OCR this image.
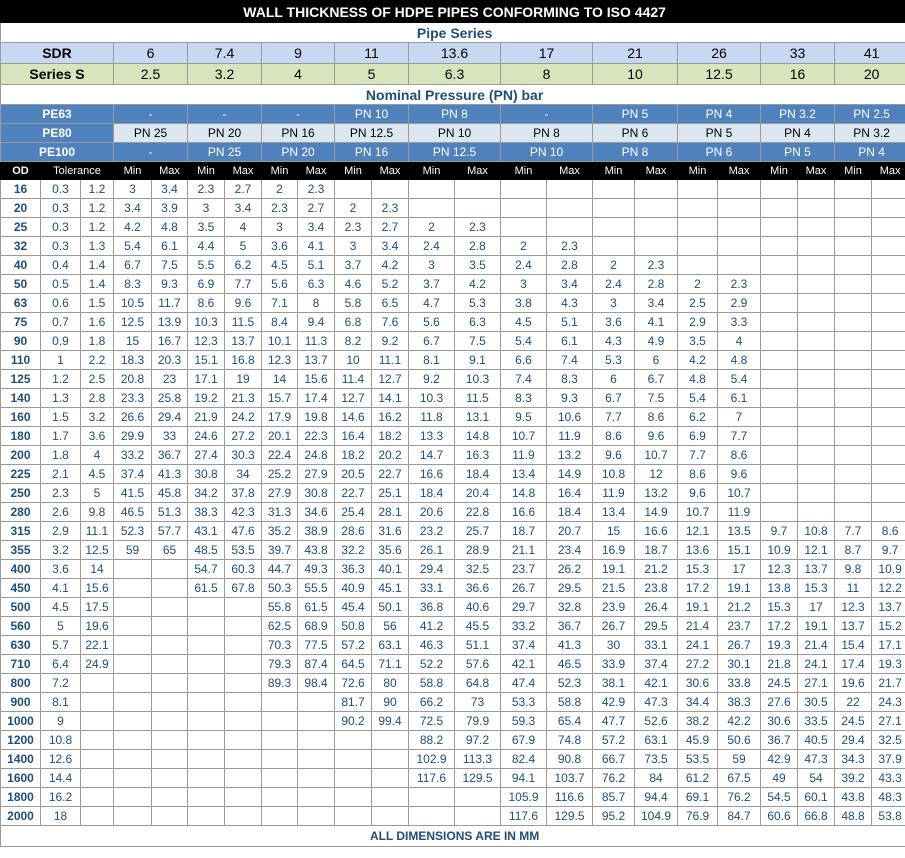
WALL THICKNESS OF HDPE PIPES CONFORMING TO ISO 4427																						
Pipe Series																						
SDR			6		7.4		9		11		13.6		17		21		26		33		41	
Series S			2.5		3.2		4		5		6.3		8		10		12.5		16		20	
Nominal Pressure (PN) bar																						
PE63			-		-		-		PN 10		PN 8		-		PN 5		PN 4		PN 3.2		PN 2.5	
PE80			PN 25		PN 20		PN 16		PN 12.5		PN 10		PN 8		PN 6		PN 5		PN 4		PN 3.2	
PE100			-		PN 25		PN 20		PN 16		PN 12.5		PN 10		PN 8		PN 6		PN 5		PN 4	
OD	Tolerance		Min	Max	Min	Max	Min	Max	Min	Max	Min	Max	Min	Max	Min	Max	Min	Max	Min	Max	Min	Max
16	0.3	1.2	3	3.4	2.3	2.7	2	2.3														
20	0.3	1.2	3.4	3.9	3	3.4	2.3	2.7	2	2.3												
25	0.3	1.2	4.2	4.8	3.5	4	3	3.4	2.3	2.7	2	2.3										
32	0.3	1.3	5.4	6.1	4.4	5	3.6	4.1	3	3.4	2.4	2.8	2	2.3								
40	0.4	1.4	6.7	7.5	5.5	6.2	4.5	5.1	3.7	4.2	3	3.5	2.4	2.8	2	2.3						
50	0.5	1.4	8.3	9.3	6.9	7.7	5.6	6.3	4.6	5.2	3.7	4.2	3	3.4	2.4	2.8	2	2.3				
63	0.6	1.5	10.5	11.7	8.6	9.6	7.1	8	5.8	6.5	4.7	5.3	3.8	4.3	3	3.4	2.5	2.9				
75	0.7	1.6	12.5	13.9	10.3	11.5	8.4	9.4	6.8	7.6	5.6	6.3	4.5	5.1	3.6	4.1	2.9	3.3				
90	0.9	1.8	15	16.7	12.3	13.7	10.1	11.3	8.2	9.2	6.7	7.5	5.4	6.1	4.3	4.9	3.5	4				
110	1	2.2	18.3	20.3	15.1	16.8	12.3	13.7	10	11.1	8.1	9.1	6.6	7.4	5.3	6	4.2	4.8				
125	1.2	2.5	20.8	23	17.1	19	14	15.6	11.4	12.7	9.2	10.3	7.4	8.3	6	6.7	4.8	5.4				
140	1.3	2.8	23.3	25.8	19.2	21.3	15.7	17.4	12.7	14.1	10.3	11.5	8.3	9.3	6.7	7.5	5.4	6.1				
160	1.5	3.2	26.6	29.4	21.9	24.2	17.9	19.8	14.6	16.2	11.8	13.1	9.5	10.6	7.7	8.6	6.2	7				
180	1.7	3.6	29.9	33	24.6	27.2	20.1	22.3	16.4	18.2	13.3	14.8	10.7	11.9	8.6	9.6	6.9	7.7				
200	1.8	4	33.2	36.7	27.4	30.3	22.4	24.8	18.2	20.2	14.7	16.3	11.9	13.2	9.6	10.7	7.7	8.6				
225	2.1	4.5	37.4	41.3	30.8	34	25.2	27.9	20.5	22.7	16.6	18.4	13.4	14.9	10.8	12	8.6	9.6				
250	2.3	5	41.5	45.8	34.2	37.8	27.9	30.8	22.7	25.1	18.4	20.4	14.8	16.4	11.9	13.2	9.6	10.7				
280	2.6	9.8	46.5	51.3	38.3	42.3	31.3	34.6	25.4	28.1	20.6	22.8	16.6	18.4	13.4	14.9	10.7	11.9				
315	2.9	11.1	52.3	57.7	43.1	47.6	35.2	38.9	28.6	31.6	23.2	25.7	18.7	20.7	15	16.6	12.1	13.5	9.7	10.8	7.7	8.6
355	3.2	12.5	59	65	48.5	53.5	39.7	43.8	32.2	35.6	26.1	28.9	21.1	23.4	16.9	18.7	13.6	15.1	10.9	12.1	8.7	9.7
400	3.6	14			54.7	60.3	44.7	49.3	36.3	40.1	29.4	32.5	23.7	26.2	19.1	21.2	15.3	17	12.3	13.7	9.8	10.9
450	4.1	15.6			61.5	67.8	50.3	55.5	40.9	45.1	33.1	36.6	26.7	29.5	21.5	23.8	17.2	19.1	13.8	15.3	11	12.2
500	4.5	17.5					55.8	61.5	45.4	50.1	36.8	40.6	29.7	32.8	23.9	26.4	19.1	21.2	15.3	17	12.3	13.7
560	5	19.6					62.5	68.9	50.8	56	41.2	45.5	33.2	36.7	26.7	29.5	21.4	23.7	17.2	19.1	13.7	15.2
630	5.7	22.1					70.3	77.5	57.2	63.1	46.3	51.1	37.4	41.3	30	33.1	24.1	26.7	19.3	21.4	15.4	17.1
710	6.4	24.9					79.3	87.4	64.5	71.1	52.2	57.6	42.1	46.5	33.9	37.4	27.2	30.1	21.8	24.1	17.4	19.3
800	7.2						89.3	98.4	72.6	80	58.8	64.8	47.4	52.3	38.1	42.1	30.6	33.8	24.5	27.1	19.6	21.7
900	8.1								81.7	90	66.2	73	53.3	58.8	42.9	47.3	34.4	38.3	27.6	30.5	22	24.3
1000	9								90.2	99.4	72.5	79.9	59.3	65.4	47.7	52.6	38.2	42.2	30.6	33.5	24.5	27.1
1200	10.8										88.2	97.2	67.9	74.8	57.2	63.1	45.9	50.6	36.7	40.5	29.4	32.5
1400	12.6										102.9	113.3	82.4	90.8	66.7	73.5	53.5	59	42.9	47.3	34.3	37.9
1600	14.4										117.6	129.5	94.1	103.7	76.2	84	61.2	67.5	49	54	39.2	43.3
1800	16.2												105.9	116.6	85.7	94.4	69.1	76.2	54.5	60.1	43.8	48.3
2000	18												117.6	129.5	95.2	104.9	76.9	84.7	60.6	66.8	48.8	53.8
ALL DIMENSIONS ARE IN MM																						
